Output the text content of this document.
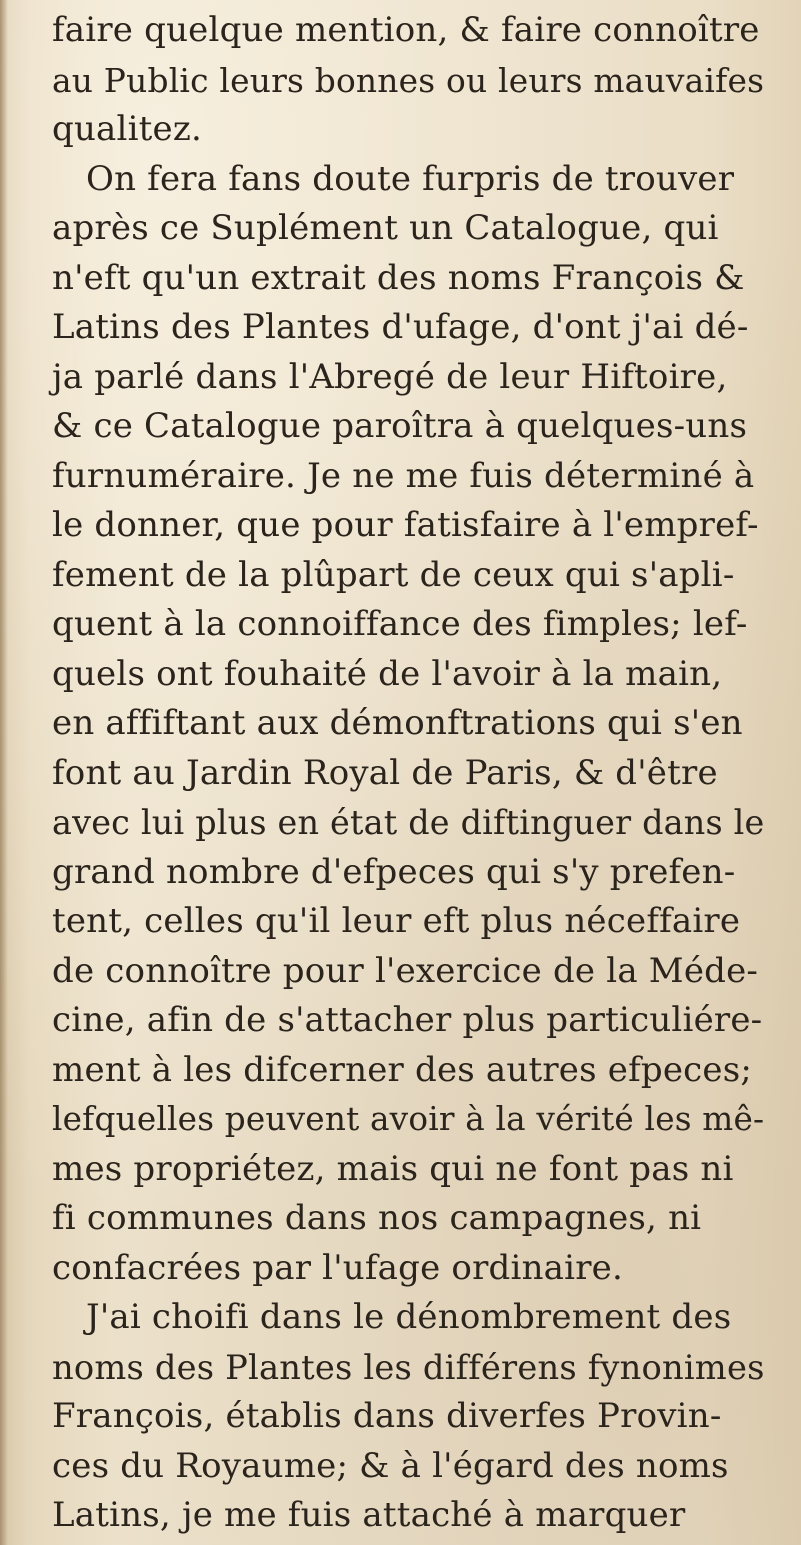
faire quelque mention, & faire connoître
au Public leurs bonnes ou leurs mauvaifes
qualitez.
On fera fans doute furpris de trouver
après ce Suplément un Catalogue, qui
n'eft qu'un extrait des noms François &
Latins des Plantes d'ufage, d'ont j'ai dé-
ja parlé dans l'Abregé de leur Hiftoire,
& ce Catalogue paroîtra à quelques-uns
furnuméraire. Je ne me fuis déterminé à
le donner, que pour fatisfaire à l'empref-
fement de la plûpart de ceux qui s'apli-
quent à la connoiffance des fimples; lef-
quels ont fouhaité de l'avoir à la main,
en affiftant aux démonftrations qui s'en
font au Jardin Royal de Paris, & d'être
avec lui plus en état de diftinguer dans le
grand nombre d'efpeces qui s'y prefen-
tent, celles qu'il leur eft plus néceffaire
de connoître pour l'exercice de la Méde-
cine, afin de s'attacher plus particuliére-
ment à les difcerner des autres efpeces;
lefquelles peuvent avoir à la vérité les mê-
mes propriétez, mais qui ne font pas ni
fi communes dans nos campagnes, ni
confacrées par l'ufage ordinaire.
J'ai choifi dans le dénombrement des
noms des Plantes les différens fynonimes
François, établis dans diverfes Provin-
ces du Royaume; & à l'égard des noms
Latins, je me fuis attaché à marquer
